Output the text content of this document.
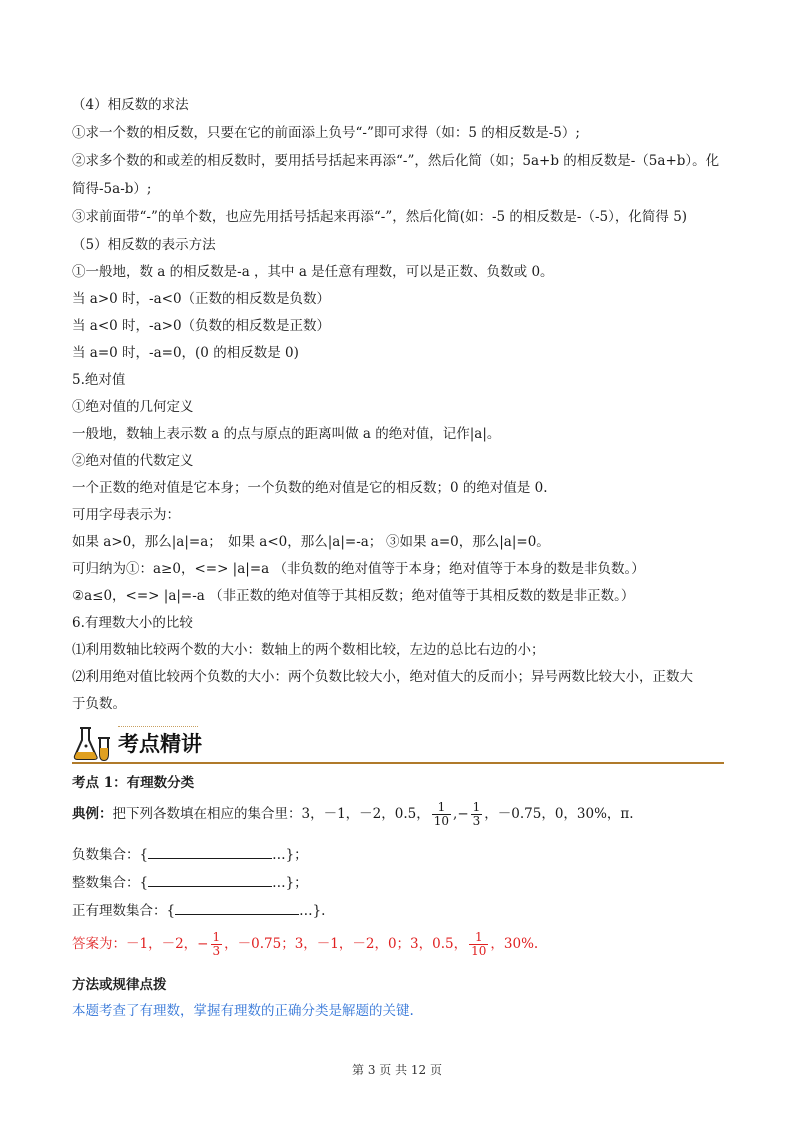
（4）相反数的求法
①求一个数的相反数，只要在它的前面添上负号“-”即可求得（如：5 的相反数是-5）;
②求多个数的和或差的相反数时，要用括号括起来再添“-”，然后化简（如；5a+b 的相反数是-（5a+b）。化
简得-5a-b）;
③求前面带“-”的单个数，也应先用括号括起来再添“-”，然后化简(如：-5 的相反数是-（-5），化简得 5)
（5）相反数的表示方法
①一般地，数 a 的相反数是-a ，其中 a 是任意有理数，可以是正数、负数或 0。
当 a>0 时，-a<0（正数的相反数是负数）
当 a<0 时，-a>0（负数的相反数是正数）
当 a=0 时，-a=0，(0 的相反数是 0)
5.绝对值
①绝对值的几何定义
一般地，数轴上表示数 a 的点与原点的距离叫做 a 的绝对值，记作|a|。
②绝对值的代数定义
一个正数的绝对值是它本身；一个负数的绝对值是它的相反数；0 的绝对值是 0.
可用字母表示为：
如果 a>0，那么|a|=a； 如果 a<0，那么|a|=-a； ③如果 a=0，那么|a|=0。
可归纳为①：a≥0，<=> |a|=a （非负数的绝对值等于本身；绝对值等于本身的数是非负数。）
②a≤0，<=> |a|=-a （非正数的绝对值等于其相反数；绝对值等于其相反数的数是非正数。）
6.有理数大小的比较
⑴利用数轴比较两个数的大小：数轴上的两个数相比较，左边的总比右边的小；
⑵利用绝对值比较两个负数的大小：两个负数比较大小，绝对值大的反而小；异号两数比较大小，正数大
于负数。
考点精讲
考点 1：有理数分类
典例：把下列各数填在相应的集合里：3，－1，－2，0.5， $\frac{1}{10}$ ,− $\frac{1}{3}$ ，－0.75，0，30%，π.
负数集合：{	…}；
整数集合：{	…}；
正有理数集合：{	…}.
答案为：－1，－2，− $\frac{1}{3}$ ，－0.75；3，－1，－2，0；3，0.5， $\frac{1}{10}$ ，30%.
方法或规律点拨
本题考查了有理数，掌握有理数的正确分类是解题的关键.
第 3 页 共 12 页
